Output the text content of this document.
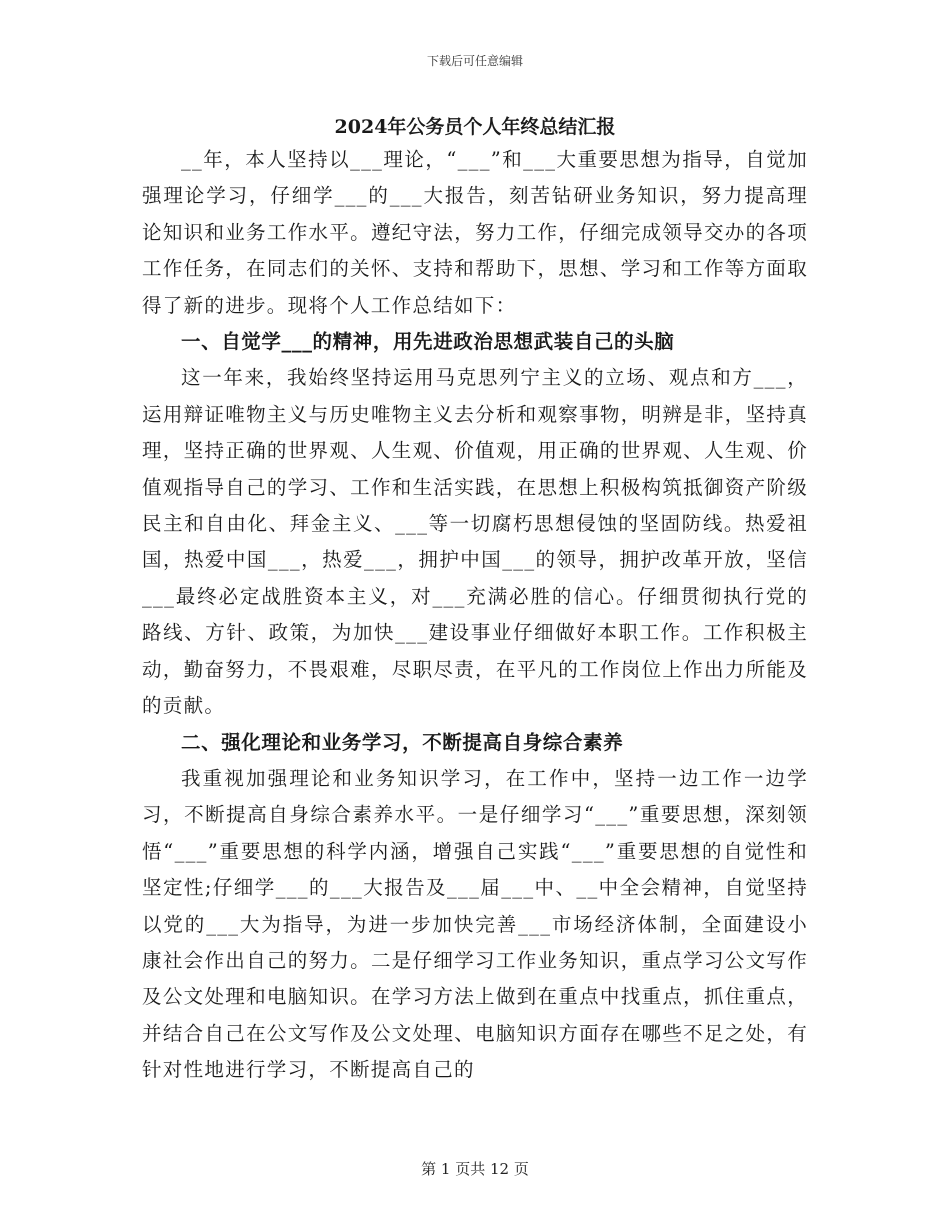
下载后可任意编辑
2024年公务员个人年终总结汇报

__年，本人坚持以___理论，“___”和___大重要思想为指导，自觉加强理论学习，仔细学___的___大报告，刻苦钻研业务知识，努力提高理论知识和业务工作水平。遵纪守法，努力工作，仔细完成领导交办的各项工作任务，在同志们的关怀、支持和帮助下，思想、学习和工作等方面取得了新的进步。现将个人工作总结如下：

一、自觉学___的精神，用先进政治思想武装自己的头脑

这一年来，我始终坚持运用马克思列宁主义的立场、观点和方___，运用辩证唯物主义与历史唯物主义去分析和观察事物，明辨是非，坚持真理，坚持正确的世界观、人生观、价值观，用正确的世界观、人生观、价值观指导自己的学习、工作和生活实践，在思想上积极构筑抵御资产阶级民主和自由化、拜金主义、___等一切腐朽思想侵蚀的坚固防线。热爱祖国，热爱中国___，热爱___，拥护中国___的领导，拥护改革开放，坚信___最终必定战胜资本主义，对___充满必胜的信心。仔细贯彻执行党的路线、方针、政策，为加快___建设事业仔细做好本职工作。工作积极主动，勤奋努力，不畏艰难，尽职尽责，在平凡的工作岗位上作出力所能及的贡献。

二、强化理论和业务学习，不断提高自身综合素养

我重视加强理论和业务知识学习，在工作中，坚持一边工作一边学习，不断提高自身综合素养水平。一是仔细学习“___”重要思想，深刻领悟“___”重要思想的科学内涵，增强自己实践“___”重要思想的自觉性和坚定性;仔细学___的___大报告及___届___中、__中全会精神，自觉坚持以党的___大为指导，为进一步加快完善___市场经济体制，全面建设小康社会作出自己的努力。二是仔细学习工作业务知识，重点学习公文写作及公文处理和电脑知识。在学习方法上做到在重点中找重点，抓住重点，并结合自己在公文写作及公文处理、电脑知识方面存在哪些不足之处，有针对性地进行学习，不断提高自己的

第 1 页共 12 页
